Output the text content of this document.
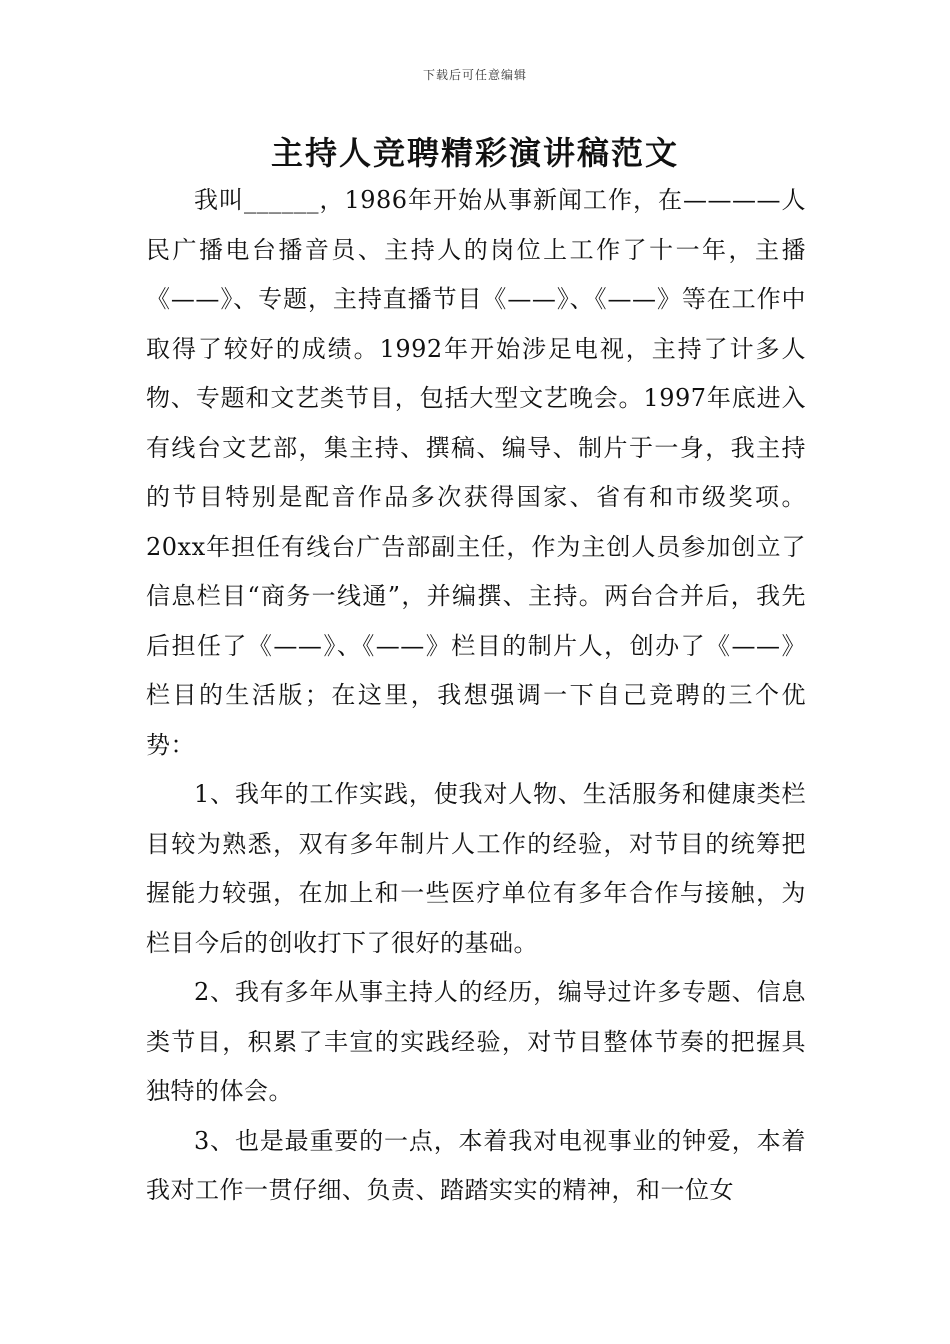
下载后可任意编辑
主持人竞聘精彩演讲稿范文

我叫______，1986年开始从事新闻工作，在————人民广播电台播音员、主持人的岗位上工作了十一年，主播《——》、专题，主持直播节目《——》、《——》等在工作中取得了较好的成绩。1992年开始涉足电视，主持了计多人物、专题和文艺类节目，包括大型文艺晚会。1997年底进入有线台文艺部，集主持、撰稿、编导、制片于一身，我主持的节目特别是配音作品多次获得国家、省有和市级奖项。20xx年担任有线台广告部副主任，作为主创人员参加创立了信息栏目“商务一线通”，并编撰、主持。两台合并后，我先后担任了《——》、《——》栏目的制片人，创办了《——》栏目的生活版；在这里，我想强调一下自己竞聘的三个优势：

1、我年的工作实践，使我对人物、生活服务和健康类栏目较为熟悉，双有多年制片人工作的经验，对节目的统筹把握能力较强，在加上和一些医疗单位有多年合作与接触，为栏目今后的创收打下了很好的基础。

2、我有多年从事主持人的经历，编导过许多专题、信息类节目，积累了丰宣的实践经验，对节目整体节奏的把握具独特的体会。

3、也是最重要的一点，本着我对电视事业的钟爱，本着我对工作一贯仔细、负责、踏踏实实的精神，和一位女
